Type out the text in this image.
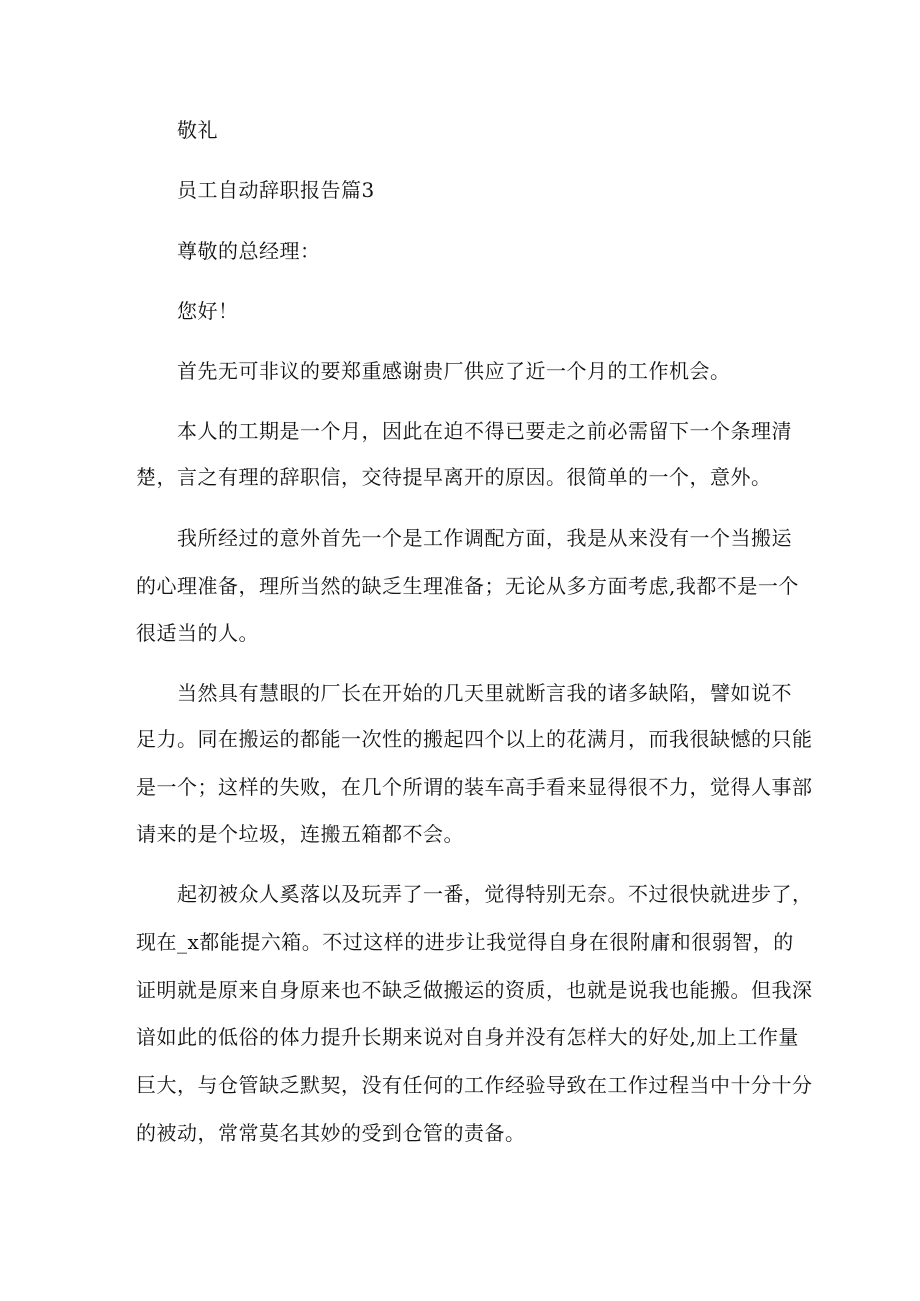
敬礼
员工自动辞职报告篇3
尊敬的总经理：
您好！
首先无可非议的要郑重感谢贵厂供应了近一个月的工作机会。
本人的工期是一个月，因此在迫不得已要走之前必需留下一个条理清
楚，言之有理的辞职信，交待提早离开的原因。很简单的一个，意外。
我所经过的意外首先一个是工作调配方面，我是从来没有一个当搬运
的心理准备，理所当然的缺乏生理准备；无论从多方面考虑,我都不是一个
很适当的人。
当然具有慧眼的厂长在开始的几天里就断言我的诸多缺陷，譬如说不
足力。同在搬运的都能一次性的搬起四个以上的花满月，而我很缺憾的只能
是一个；这样的失败，在几个所谓的装车高手看来显得很不力，觉得人事部
请来的是个垃圾，连搬五箱都不会。
起初被众人奚落以及玩弄了一番，觉得特别无奈。不过很快就进步了，
现在_x都能提六箱。不过这样的进步让我觉得自身在很附庸和很弱智，的
证明就是原来自身原来也不缺乏做搬运的资质，也就是说我也能搬。但我深
谙如此的低俗的体力提升长期来说对自身并没有怎样大的好处,加上工作量
巨大，与仓管缺乏默契，没有任何的工作经验导致在工作过程当中十分十分
的被动，常常莫名其妙的受到仓管的责备。
